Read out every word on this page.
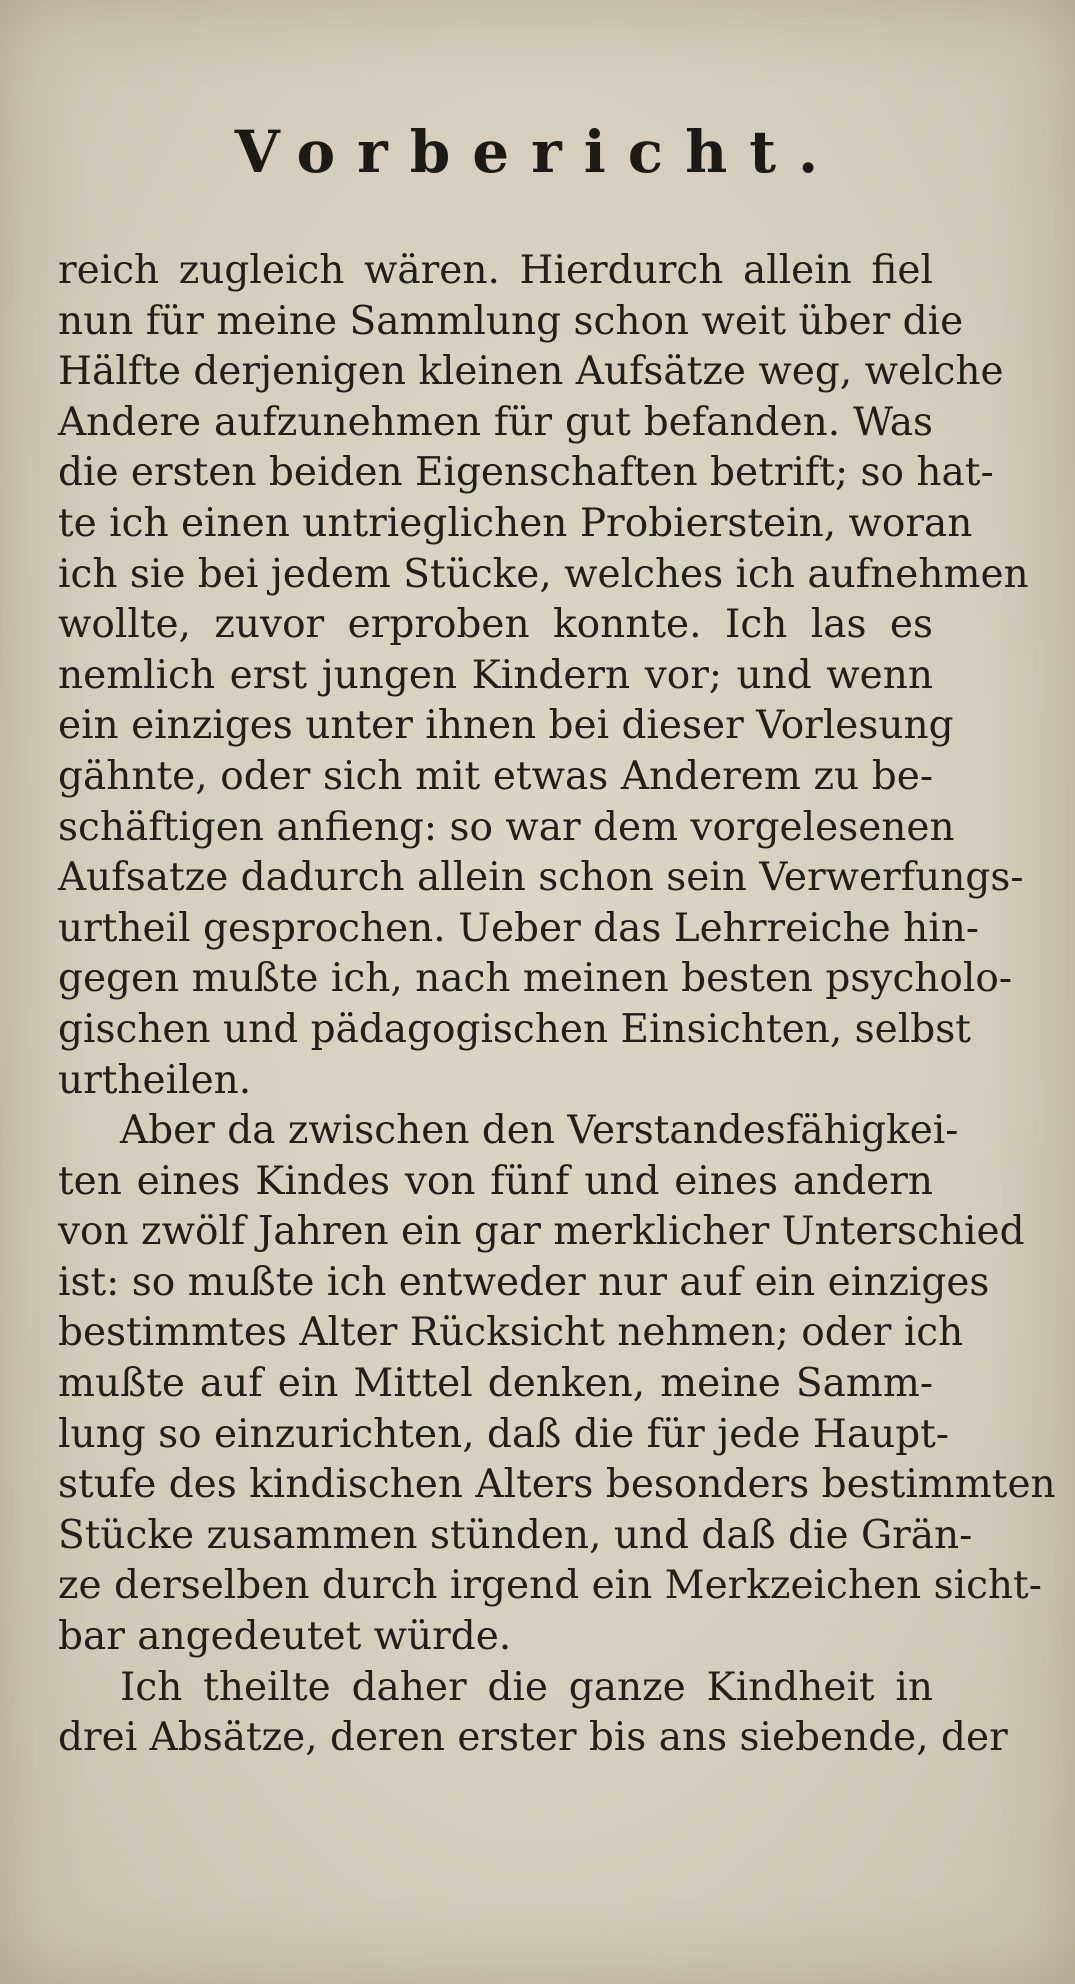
Vorbericht.

reich zugleich wären. Hierdurch allein fiel
nun für meine Sammlung schon weit über die
Hälfte derjenigen kleinen Aufsätze weg, welche
Andere aufzunehmen für gut befanden. Was
die ersten beiden Eigenschaften betrift; so hat-
te ich einen untrieglichen Probierstein, woran
ich sie bei jedem Stücke, welches ich aufnehmen
wollte, zuvor erproben konnte. Ich las es
nemlich erst jungen Kindern vor; und wenn
ein einziges unter ihnen bei dieser Vorlesung
gähnte, oder sich mit etwas Anderem zu be-
schäftigen anfieng: so war dem vorgelesenen
Aufsatze dadurch allein schon sein Verwerfungs-
urtheil gesprochen. Ueber das Lehrreiche hin-
gegen mußte ich, nach meinen besten psycholo-
gischen und pädagogischen Einsichten, selbst
urtheilen.

Aber da zwischen den Verstandesfähigkei-
ten eines Kindes von fünf und eines andern
von zwölf Jahren ein gar merklicher Unterschied
ist: so mußte ich entweder nur auf ein einziges
bestimmtes Alter Rücksicht nehmen; oder ich
mußte auf ein Mittel denken, meine Samm-
lung so einzurichten, daß die für jede Haupt-
stufe des kindischen Alters besonders bestimmten
Stücke zusammen stünden, und daß die Grän-
ze derselben durch irgend ein Merkzeichen sicht-
bar angedeutet würde.

Ich theilte daher die ganze Kindheit in
drei Absätze, deren erster bis ans siebende, der
